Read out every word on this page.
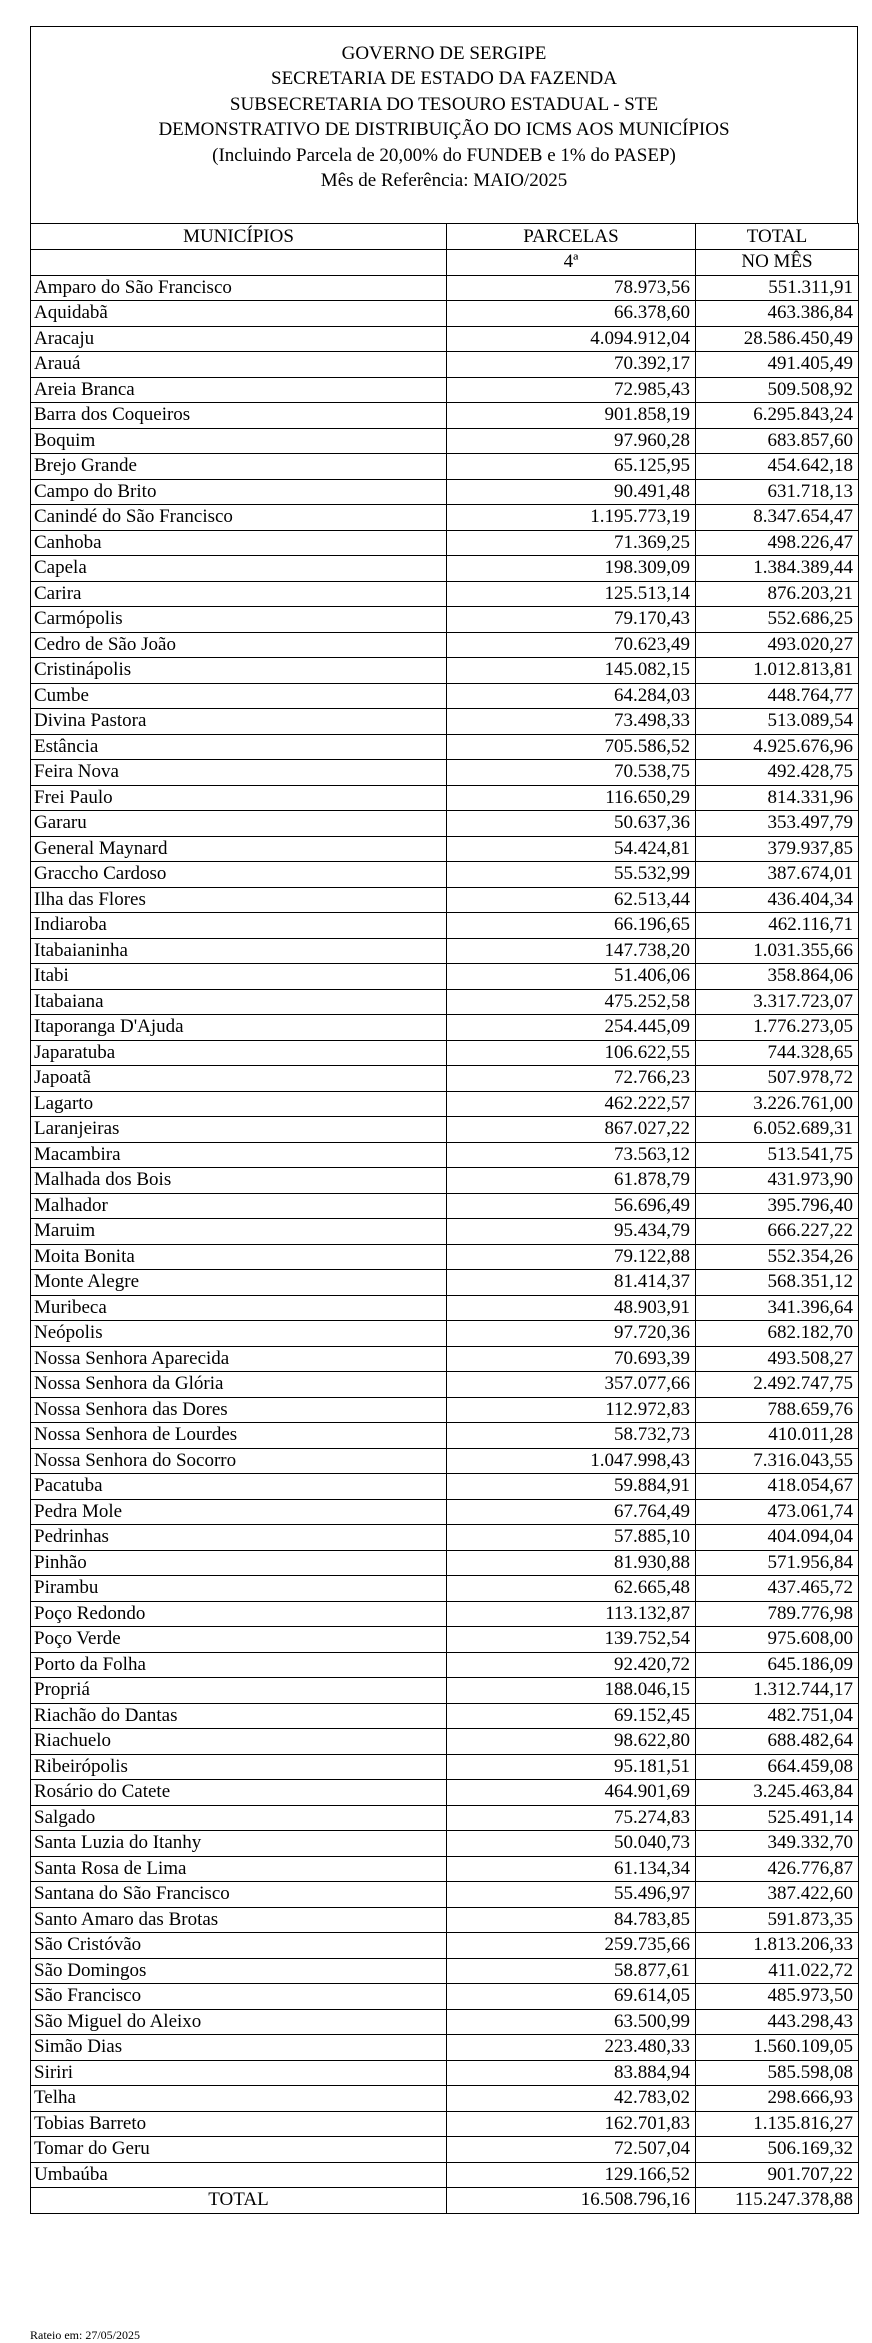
GOVERNO DE SERGIPE
SECRETARIA DE ESTADO DA FAZENDA
SUBSECRETARIA DO TESOURO ESTADUAL - STE
DEMONSTRATIVO DE DISTRIBUIÇÃO DO ICMS AOS MUNICÍPIOS
(Incluindo Parcela de 20,00% do FUNDEB e 1% do PASEP)
Mês de Referência: MAIO/2025
MUNICÍPIOS	PARCELAS	TOTAL
	4ª	NO MÊS
Amparo do São Francisco	78.973,56	551.311,91
Aquidabã	66.378,60	463.386,84
Aracaju	4.094.912,04	28.586.450,49
Arauá	70.392,17	491.405,49
Areia Branca	72.985,43	509.508,92
Barra dos Coqueiros	901.858,19	6.295.843,24
Boquim	97.960,28	683.857,60
Brejo Grande	65.125,95	454.642,18
Campo do Brito	90.491,48	631.718,13
Canindé do São Francisco	1.195.773,19	8.347.654,47
Canhoba	71.369,25	498.226,47
Capela	198.309,09	1.384.389,44
Carira	125.513,14	876.203,21
Carmópolis	79.170,43	552.686,25
Cedro de São João	70.623,49	493.020,27
Cristinápolis	145.082,15	1.012.813,81
Cumbe	64.284,03	448.764,77
Divina Pastora	73.498,33	513.089,54
Estância	705.586,52	4.925.676,96
Feira Nova	70.538,75	492.428,75
Frei Paulo	116.650,29	814.331,96
Gararu	50.637,36	353.497,79
General Maynard	54.424,81	379.937,85
Graccho Cardoso	55.532,99	387.674,01
Ilha das Flores	62.513,44	436.404,34
Indiaroba	66.196,65	462.116,71
Itabaianinha	147.738,20	1.031.355,66
Itabi	51.406,06	358.864,06
Itabaiana	475.252,58	3.317.723,07
Itaporanga D'Ajuda	254.445,09	1.776.273,05
Japaratuba	106.622,55	744.328,65
Japoatã	72.766,23	507.978,72
Lagarto	462.222,57	3.226.761,00
Laranjeiras	867.027,22	6.052.689,31
Macambira	73.563,12	513.541,75
Malhada dos Bois	61.878,79	431.973,90
Malhador	56.696,49	395.796,40
Maruim	95.434,79	666.227,22
Moita Bonita	79.122,88	552.354,26
Monte Alegre	81.414,37	568.351,12
Muribeca	48.903,91	341.396,64
Neópolis	97.720,36	682.182,70
Nossa Senhora Aparecida	70.693,39	493.508,27
Nossa Senhora da Glória	357.077,66	2.492.747,75
Nossa Senhora das Dores	112.972,83	788.659,76
Nossa Senhora de Lourdes	58.732,73	410.011,28
Nossa Senhora do Socorro	1.047.998,43	7.316.043,55
Pacatuba	59.884,91	418.054,67
Pedra Mole	67.764,49	473.061,74
Pedrinhas	57.885,10	404.094,04
Pinhão	81.930,88	571.956,84
Pirambu	62.665,48	437.465,72
Poço Redondo	113.132,87	789.776,98
Poço Verde	139.752,54	975.608,00
Porto da Folha	92.420,72	645.186,09
Propriá	188.046,15	1.312.744,17
Riachão do Dantas	69.152,45	482.751,04
Riachuelo	98.622,80	688.482,64
Ribeirópolis	95.181,51	664.459,08
Rosário do Catete	464.901,69	3.245.463,84
Salgado	75.274,83	525.491,14
Santa Luzia do Itanhy	50.040,73	349.332,70
Santa Rosa de Lima	61.134,34	426.776,87
Santana do São Francisco	55.496,97	387.422,60
Santo Amaro das Brotas	84.783,85	591.873,35
São Cristóvão	259.735,66	1.813.206,33
São Domingos	58.877,61	411.022,72
São Francisco	69.614,05	485.973,50
São Miguel do Aleixo	63.500,99	443.298,43
Simão Dias	223.480,33	1.560.109,05
Siriri	83.884,94	585.598,08
Telha	42.783,02	298.666,93
Tobias Barreto	162.701,83	1.135.816,27
Tomar do Geru	72.507,04	506.169,32
Umbaúba	129.166,52	901.707,22
TOTAL	16.508.796,16	115.247.378,88
Rateio em: 27/05/2025
